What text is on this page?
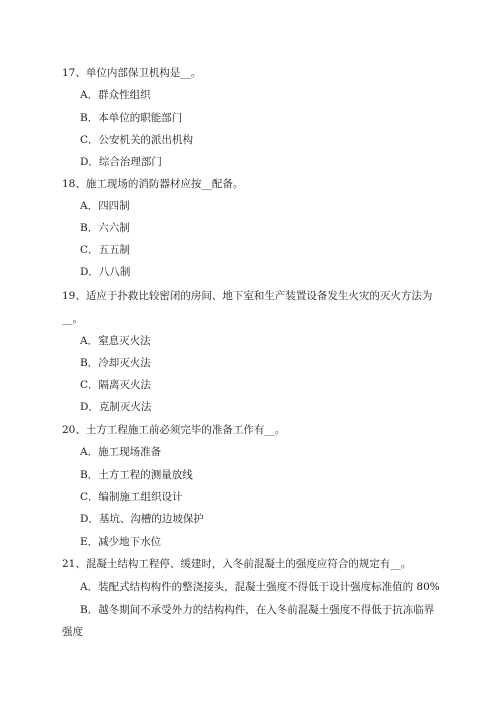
17、单位内部保卫机构是__。
A．群众性组织
B．本单位的职能部门
C．公安机关的派出机构
D．综合治理部门
18、施工现场的消防器材应按__配备。
A．四四制
B．六六制
C．五五制
D．八八制
19、适应于扑救比较密闭的房间、地下室和生产装置设备发生火灾的灭火方法为
__。
A．窒息灭火法
B．冷却灭火法
C．隔离灭火法
D．克制灭火法
20、土方工程施工前必须完毕的准备工作有__。
A．施工现场准备
B．土方工程的测量放线
C．编制施工组织设计
D．基坑、沟槽的边坡保护
E．减少地下水位
21、混凝土结构工程停、缓建时，入冬前混凝土的强度应符合的规定有__。
A．装配式结构构件的整浇接头，混凝土强度不得低于设计强度标准值的 80%
B．越冬期间不承受外力的结构构件，在入冬前混凝土强度不得低于抗冻临界
强度
